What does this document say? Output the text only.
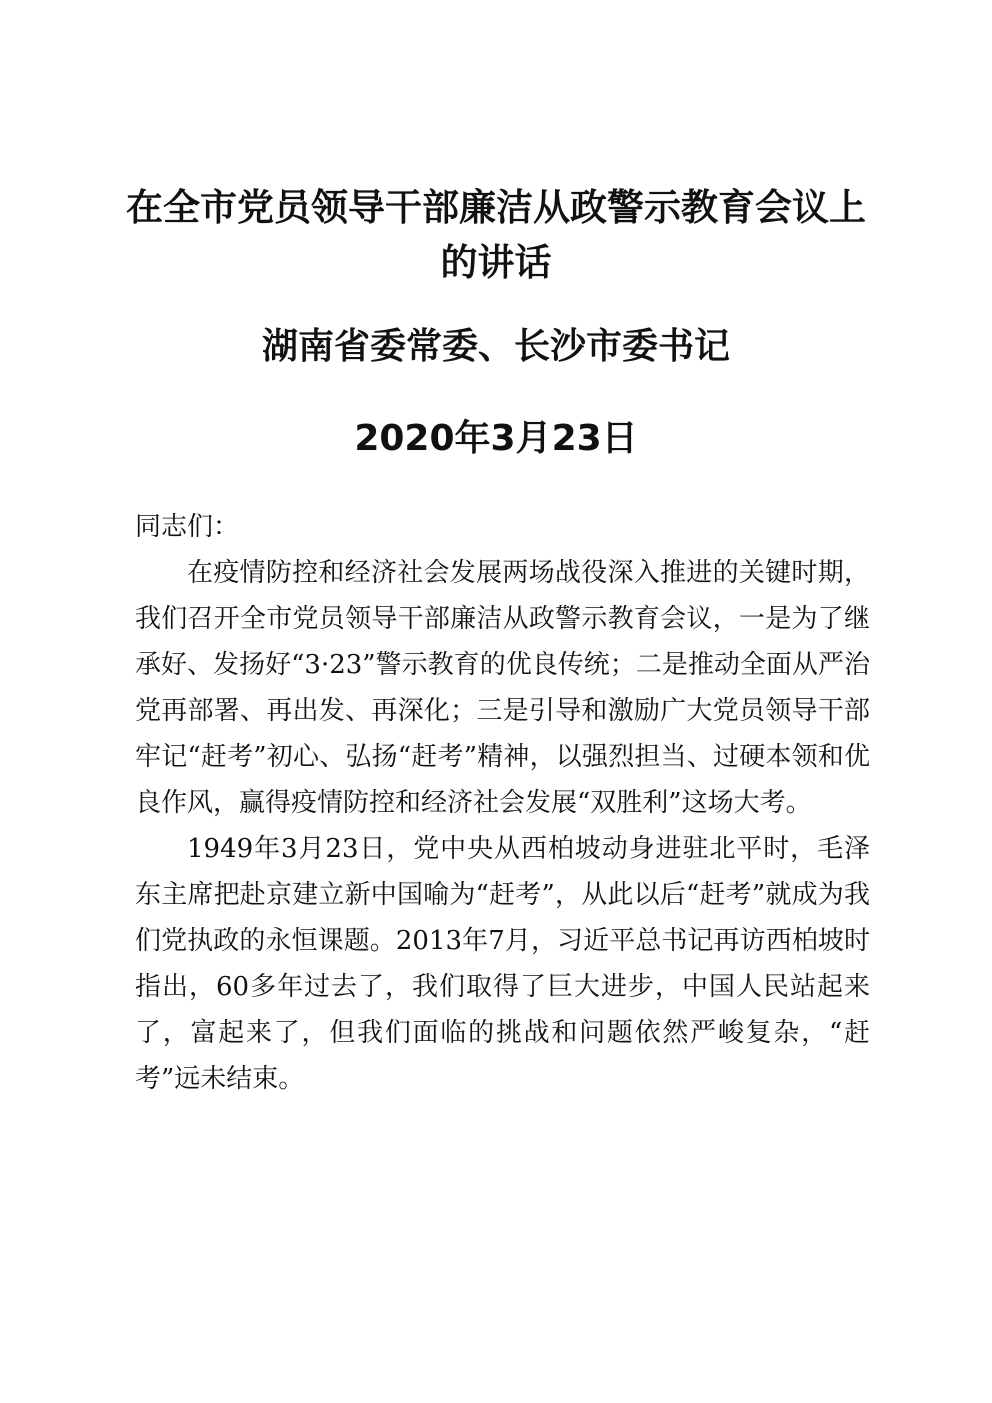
在全市党员领导干部廉洁从政警示教育会议上的讲话
湖南省委常委、长沙市委书记
2020年3月23日

同志们：

在疫情防控和经济社会发展两场战役深入推进的关键时期，我们召开全市党员领导干部廉洁从政警示教育会议，一是为了继承好、发扬好“3·23”警示教育的优良传统；二是推动全面从严治党再部署、再出发、再深化；三是引导和激励广大党员领导干部牢记“赶考”初心、弘扬“赶考”精神，以强烈担当、过硬本领和优良作风，赢得疫情防控和经济社会发展“双胜利”这场大考。

1949年3月23日，党中央从西柏坡动身进驻北平时，毛泽东主席把赴京建立新中国喻为“赶考”，从此以后“赶考”就成为我们党执政的永恒课题。2013年7月，习近平总书记再访西柏坡时指出，60多年过去了，我们取得了巨大进步，中国人民站起来了，富起来了，但我们面临的挑战和问题依然严峻复杂，“赶考”远未结束。
